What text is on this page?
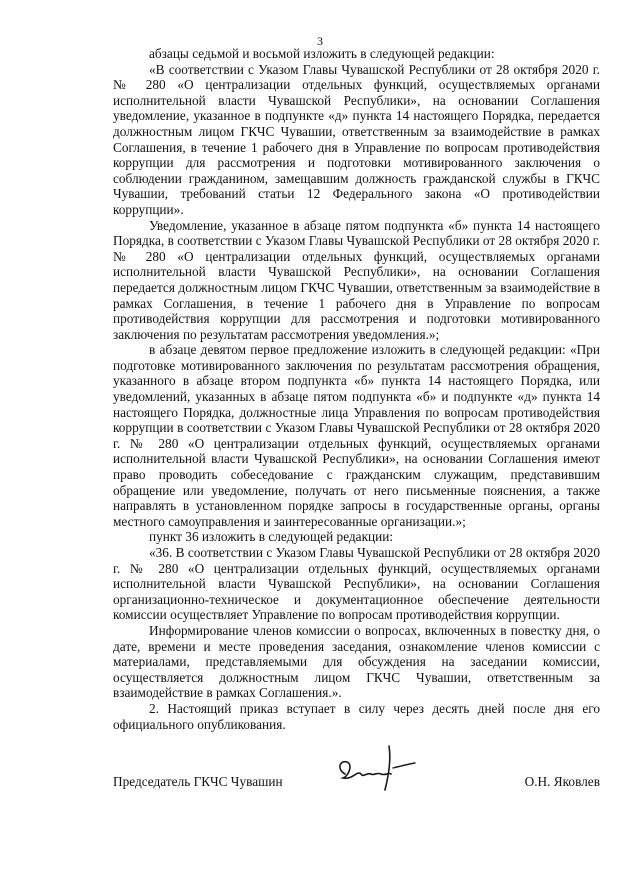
3

абзацы седьмой и восьмой изложить в следующей редакции:

«В соответствии с Указом Главы Чувашской Республики от 28 октября 2020 г. № 280 «О централизации отдельных функций, осуществляемых органами исполнительной власти Чувашской Республики», на основании Соглашения уведомление, указанное в подпункте «д» пункта 14 настоящего Порядка, передается должностным лицом ГКЧС Чувашии, ответственным за взаимодействие в рамках Соглашения, в течение 1 рабочего дня в Управление по вопросам противодействия коррупции для рассмотрения и подготовки мотивированного заключения о соблюдении гражданином, замещавшим должность гражданской службы в ГКЧС Чувашии, требований статьи 12 Федерального закона «О противодействии коррупции».

Уведомление, указанное в абзаце пятом подпункта «б» пункта 14 настоящего Порядка, в соответствии с Указом Главы Чувашской Республики от 28 октября 2020 г. № 280 «О централизации отдельных функций, осуществляемых органами исполнительной власти Чувашской Республики», на основании Соглашения передается должностным лицом ГКЧС Чувашии, ответственным за взаимодействие в рамках Соглашения, в течение 1 рабочего дня в Управление по вопросам противодействия коррупции для рассмотрения и подготовки мотивированного заключения по результатам рассмотрения уведомления.»;

в абзаце девятом первое предложение изложить в следующей редакции: «При подготовке мотивированного заключения по результатам рассмотрения обращения, указанного в абзаце втором подпункта «б» пункта 14 настоящего Порядка, или уведомлений, указанных в абзаце пятом подпункта «б» и подпункте «д» пункта 14 настоящего Порядка, должностные лица Управления по вопросам противодействия коррупции в соответствии с Указом Главы Чувашской Республики от 28 октября 2020 г. № 280 «О централизации отдельных функций, осуществляемых органами исполнительной власти Чувашской Республики», на основании Соглашения имеют право проводить собеседование с гражданским служащим, представившим обращение или уведомление, получать от него письменные пояснения, а также направлять в установленном порядке запросы в государственные органы, органы местного самоуправления и заинтересованные организации.»;

пункт 36 изложить в следующей редакции:

«36. В соответствии с Указом Главы Чувашской Республики от 28 октября 2020 г. № 280 «О централизации отдельных функций, осуществляемых органами исполнительной власти Чувашской Республики», на основании Соглашения организационно-техническое и документационное обеспечение деятельности комиссии осуществляет Управление по вопросам противодействия коррупции.

Информирование членов комиссии о вопросах, включенных в повестку дня, о дате, времени и месте проведения заседания, ознакомление членов комиссии с материалами, представляемыми для обсуждения на заседании комиссии, осуществляется должностным лицом ГКЧС Чувашии, ответственным за взаимодействие в рамках Соглашения.».

2. Настоящий приказ вступает в силу через десять дней после дня его официального опубликования.

Председатель ГКЧС Чувашин	О.Н. Яковлев
